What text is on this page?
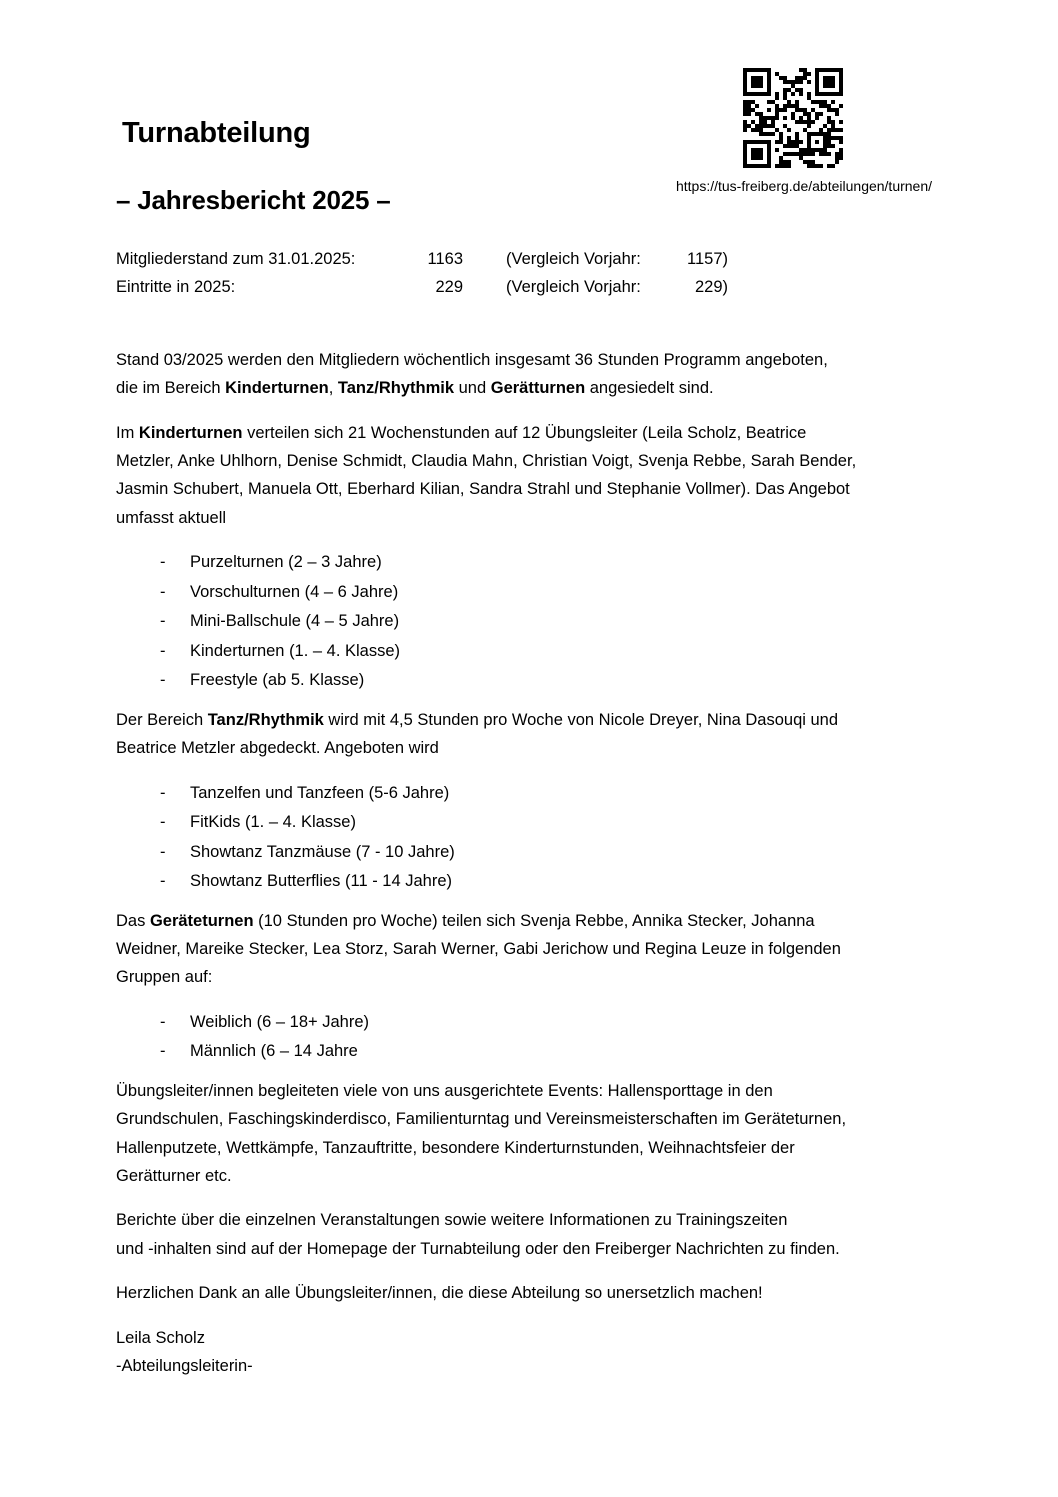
https://tus-freiberg.de/abteilungen/turnen/
Turnabteilung
– Jahresbericht 2025 –
Mitgliederstand zum 31.01.2025:	1163	(Vergleich Vorjahr:	1157)
Eintritte in 2025:	229	(Vergleich Vorjahr:	229)
Stand 03/2025 werden den Mitgliedern wöchentlich insgesamt 36 Stunden Programm angeboten,
die im Bereich Kinderturnen, Tanz/Rhythmik und Gerätturnen angesiedelt sind.
Im Kinderturnen verteilen sich 21 Wochenstunden auf 12 Übungsleiter (Leila Scholz, Beatrice
Metzler, Anke Uhlhorn, Denise Schmidt, Claudia Mahn, Christian Voigt, Svenja Rebbe, Sarah Bender,
Jasmin Schubert, Manuela Ott, Eberhard Kilian, Sandra Strahl und Stephanie Vollmer). Das Angebot
umfasst aktuell
-	Purzelturnen (2 – 3 Jahre)
-	Vorschulturnen (4 – 6 Jahre)
-	Mini-Ballschule (4 – 5 Jahre)
-	Kinderturnen (1. – 4. Klasse)
-	Freestyle (ab 5. Klasse)
Der Bereich Tanz/Rhythmik wird mit 4,5 Stunden pro Woche von Nicole Dreyer, Nina Dasouqi und
Beatrice Metzler abgedeckt. Angeboten wird
-	Tanzelfen und Tanzfeen (5-6 Jahre)
-	FitKids (1. – 4. Klasse)
-	Showtanz Tanzmäuse (7 - 10 Jahre)
-	Showtanz Butterflies (11 - 14 Jahre)
Das Geräteturnen (10 Stunden pro Woche) teilen sich Svenja Rebbe, Annika Stecker, Johanna
Weidner, Mareike Stecker, Lea Storz, Sarah Werner, Gabi Jerichow und Regina Leuze in folgenden
Gruppen auf:
-	Weiblich (6 – 18+ Jahre)
-	Männlich (6 – 14 Jahre
Übungsleiter/innen begleiteten viele von uns ausgerichtete Events: Hallensporttage in den
Grundschulen, Faschingskinderdisco, Familienturntag und Vereinsmeisterschaften im Geräteturnen,
Hallenputzete, Wettkämpfe, Tanzauftritte, besondere Kinderturnstunden, Weihnachtsfeier der
Gerätturner etc.
Berichte über die einzelnen Veranstaltungen sowie weitere Informationen zu Trainingszeiten
und -inhalten sind auf der Homepage der Turnabteilung oder den Freiberger Nachrichten zu finden.
Herzlichen Dank an alle Übungsleiter/innen, die diese Abteilung so unersetzlich machen!
Leila Scholz
-Abteilungsleiterin-
